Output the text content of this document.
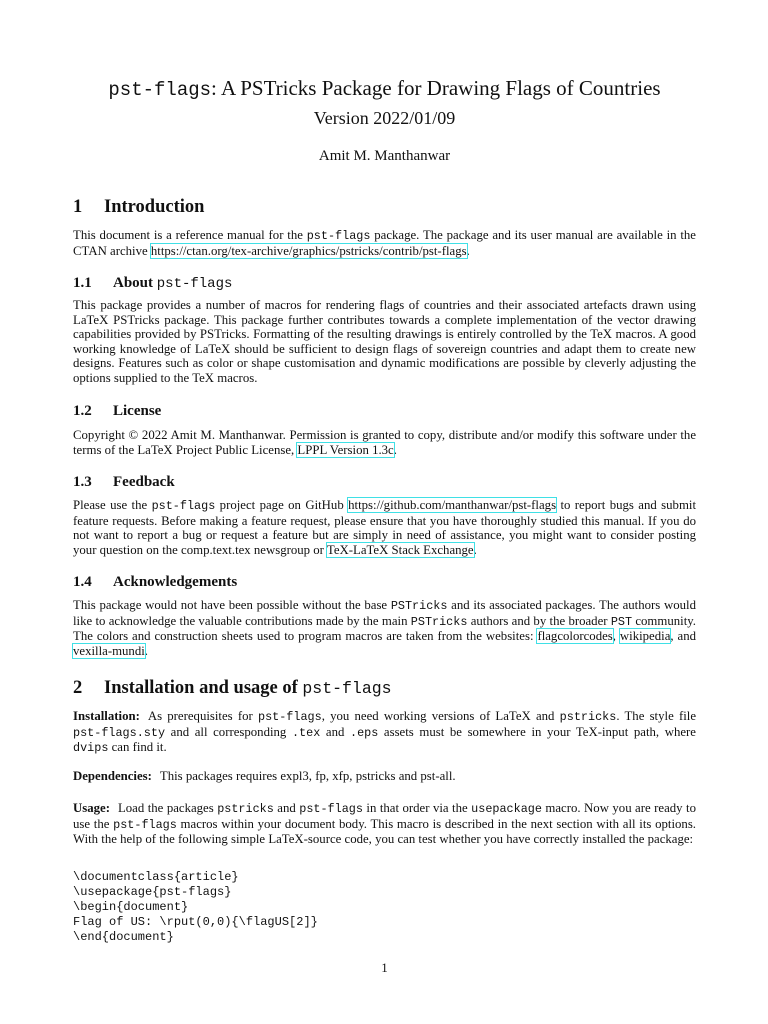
pst-flags: A PSTricks Package for Drawing Flags of Countries
Version 2022/01/09
Amit M. Manthanwar
1 Introduction
This document is a reference manual for the pst-flags package. The package and its user manual are available in the CTAN archive https://ctan.org/tex-archive/graphics/pstricks/contrib/pst-flags.
1.1 About pst-flags
This package provides a number of macros for rendering flags of countries and their associated artefacts drawn using LaTeX PSTricks package. This package further contributes towards a complete implementation of the vector drawing capabilities provided by PSTricks. Formatting of the resulting drawings is entirely controlled by the TeX macros. A good working knowledge of LaTeX should be sufficient to design flags of sovereign countries and adapt them to create new designs. Features such as color or shape customisation and dynamic modifications are possible by cleverly adjusting the options supplied to the TeX macros.
1.2 License
Copyright © 2022 Amit M. Manthanwar. Permission is granted to copy, distribute and/or modify this software under the terms of the LaTeX Project Public License, LPPL Version 1.3c.
1.3 Feedback
Please use the pst-flags project page on GitHub https://github.com/manthanwar/pst-flags to report bugs and submit feature requests. Before making a feature request, please ensure that you have thoroughly studied this manual. If you do not want to report a bug or request a feature but are simply in need of assistance, you might want to consider posting your question on the comp.text.tex newsgroup or TeX-LaTeX Stack Exchange.
1.4 Acknowledgements
This package would not have been possible without the base PSTricks and its associated packages. The authors would like to acknowledge the valuable contributions made by the main PSTricks authors and by the broader PST community. The colors and construction sheets used to program macros are taken from the websites: flagcolorcodes, wikipedia, and vexilla-mundi.
2 Installation and usage of pst-flags
Installation: As prerequisites for pst-flags, you need working versions of LaTeX and pstricks. The style file pst-flags.sty and all corresponding .tex and .eps assets must be somewhere in your TeX-input path, where dvips can find it.
Dependencies: This packages requires expl3, fp, xfp, pstricks and pst-all.
Usage: Load the packages pstricks and pst-flags in that order via the usepackage macro. Now you are ready to use the pst-flags macros within your document body. This macro is described in the next section with all its options. With the help of the following simple LaTeX-source code, you can test whether you have correctly installed the package:
\documentclass{article}
\usepackage{pst-flags}
\begin{document}
Flag of US: \rput(0,0){\flagUS[2]}
\end{document}
1
